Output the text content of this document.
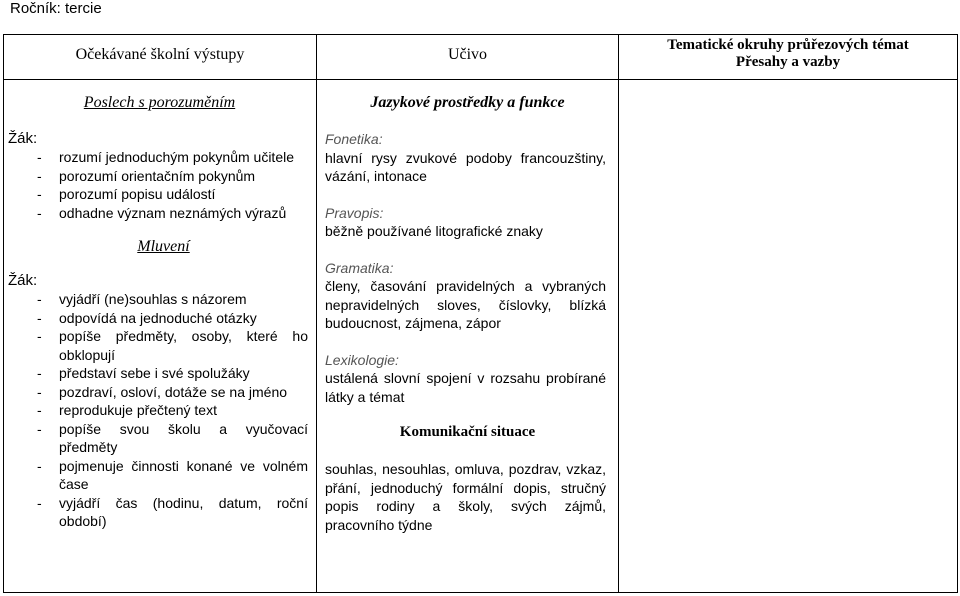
Ročník: tercie
Očekávané školní výstupy	Učivo
Tematické okruhy průřezových témat
Přesahy a vazby
Poslech s porozuměním
Žák:
- rozumí jednoduchým pokynům učitele
- porozumí orientačním pokynům
- porozumí popisu událostí
- odhadne význam neznámých výrazů
Mluvení
Žák:
- vyjádří (ne)souhlas s názorem
- odpovídá na jednoduché otázky
- popíše předměty, osoby, které ho obklopují
- představí sebe i své spolužáky
- pozdraví, osloví, dotáže se na jméno
- reprodukuje přečtený text
- popíše svou školu a vyučovací předměty
- pojmenuje činnosti konané ve volném čase
- vyjádří čas (hodinu, datum, roční období)
Jazykové prostředky a funkce
Fonetika:
hlavní rysy zvukové podoby francouzštiny, vázání, intonace
Pravopis:
běžně používané litografické znaky
Gramatika:
členy, časování pravidelných a vybraných nepravidelných sloves, číslovky, blízká budoucnost, zájmena, zápor
Lexikologie:
ustálená slovní spojení v rozsahu probírané látky a témat
Komunikační situace
souhlas, nesouhlas, omluva, pozdrav, vzkaz, přání, jednoduchý formální dopis, stručný popis rodiny a školy, svých zájmů, pracovního týdne
